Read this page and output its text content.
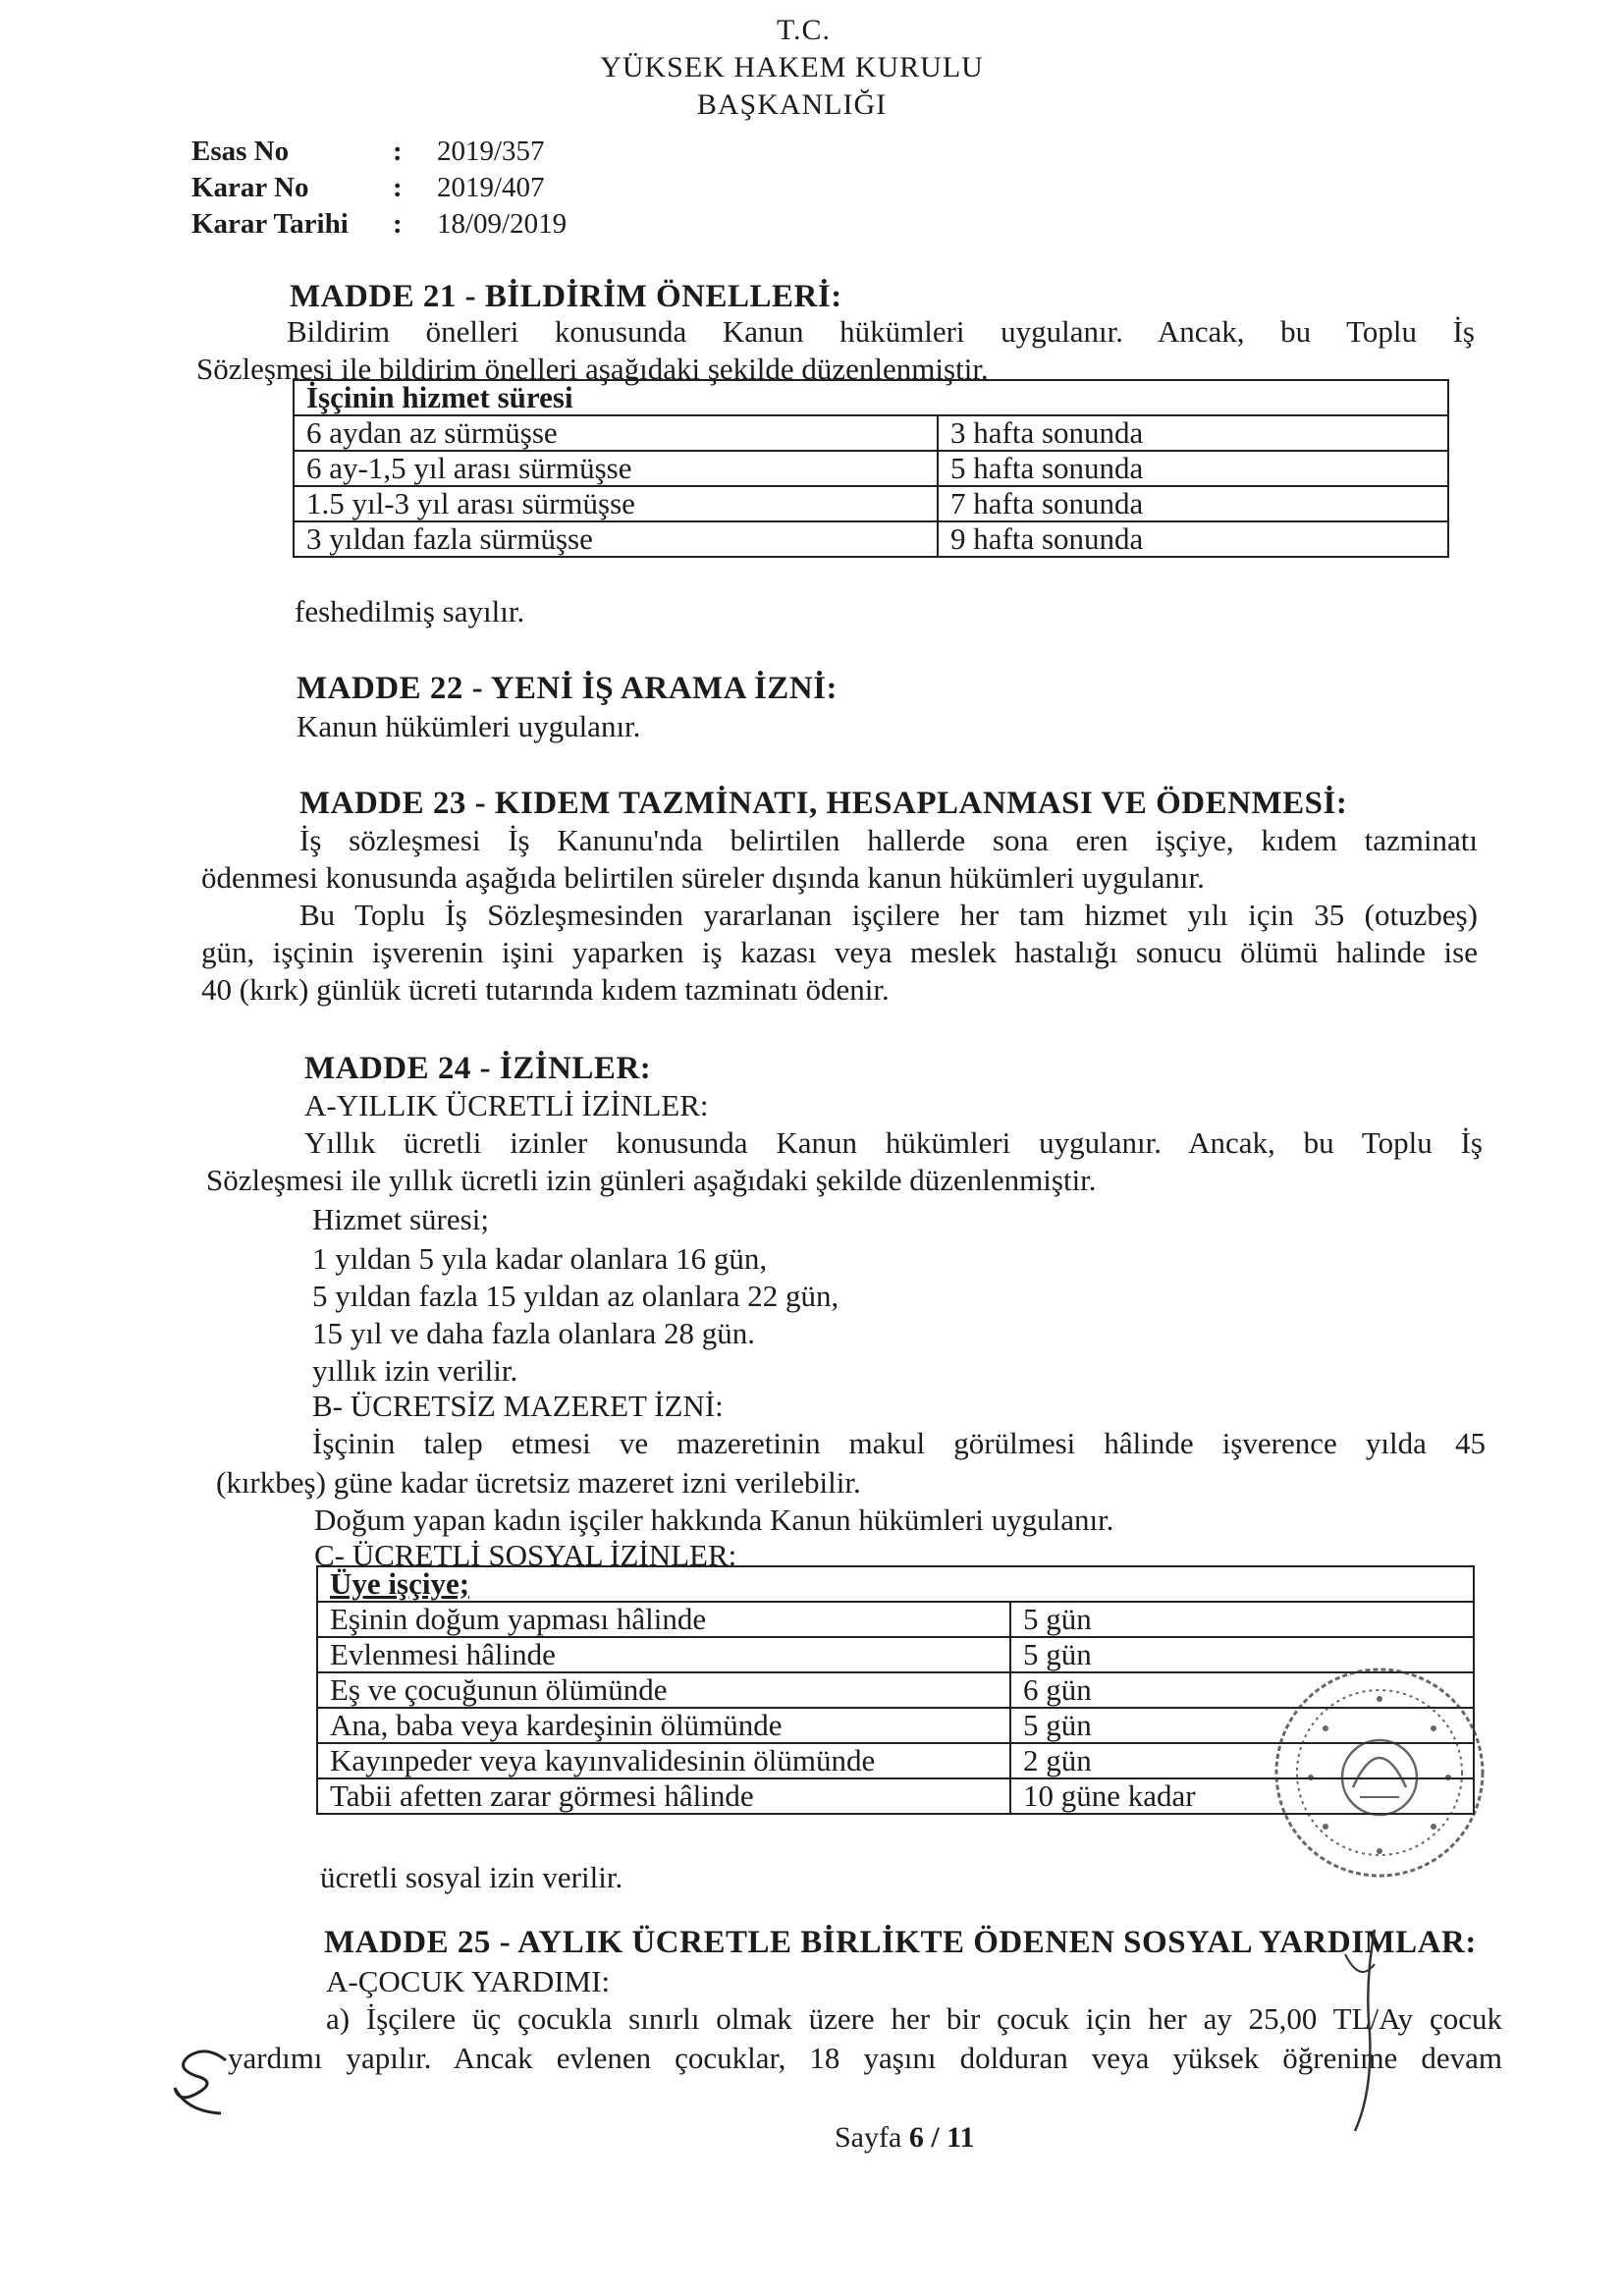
T.C.
YÜKSEK HAKEM KURULU
BAŞKANLIĞI
Esas No	: 2019/357
Karar No	: 2019/407
Karar Tarihi : 18/09/2019
MADDE 21 - BİLDİRİM ÖNELLERİ:
Bildirim önelleri konusunda Kanun hükümleri uygulanır. Ancak, bu Toplu İş
Sözleşmesi ile bildirim önelleri aşağıdaki şekilde düzenlenmiştir.
İşçinin hizmet süresi	
6 aydan az sürmüşse	3 hafta sonunda
6 ay-1,5 yıl arası sürmüşse	5 hafta sonunda
1.5 yıl-3 yıl arası sürmüşse	7 hafta sonunda
3 yıldan fazla sürmüşse	9 hafta sonunda
feshedilmiş sayılır.
MADDE 22 - YENİ İŞ ARAMA İZNİ:
Kanun hükümleri uygulanır.
MADDE 23 - KIDEM TAZMİNATI, HESAPLANMASI VE ÖDENMESİ:
İş sözleşmesi İş Kanunu'nda belirtilen hallerde sona eren işçiye, kıdem tazminatı
ödenmesi konusunda aşağıda belirtilen süreler dışında kanun hükümleri uygulanır.
Bu Toplu İş Sözleşmesinden yararlanan işçilere her tam hizmet yılı için 35 (otuzbeş)
gün, işçinin işverenin işini yaparken iş kazası veya meslek hastalığı sonucu ölümü halinde ise
40 (kırk) günlük ücreti tutarında kıdem tazminatı ödenir.
MADDE 24 - İZİNLER:
A-YILLIK ÜCRETLİ İZİNLER:
Yıllık ücretli izinler konusunda Kanun hükümleri uygulanır. Ancak, bu Toplu İş
Sözleşmesi ile yıllık ücretli izin günleri aşağıdaki şekilde düzenlenmiştir.
Hizmet süresi;
1 yıldan 5 yıla kadar olanlara 16 gün,
5 yıldan fazla 15 yıldan az olanlara 22 gün,
15 yıl ve daha fazla olanlara 28 gün.
yıllık izin verilir.
B- ÜCRETSİZ MAZERET İZNİ:
İşçinin talep etmesi ve mazeretinin makul görülmesi hâlinde işverence yılda 45
(kırkbeş) güne kadar ücretsiz mazeret izni verilebilir.
Doğum yapan kadın işçiler hakkında Kanun hükümleri uygulanır.
C- ÜCRETLİ SOSYAL İZİNLER:
Üye işçiye;	
Eşinin doğum yapması hâlinde	5 gün
Evlenmesi hâlinde	5 gün
Eş ve çocuğunun ölümünde	6 gün
Ana, baba veya kardeşinin ölümünde	5 gün
Kayınpeder veya kayınvalidesinin ölümünde	2 gün
Tabii afetten zarar görmesi hâlinde	10 güne kadar
ücretli sosyal izin verilir.
MADDE 25 - AYLIK ÜCRETLE BİRLİKTE ÖDENEN SOSYAL YARDIMLAR:
A-ÇOCUK YARDIMI:
a) İşçilere üç çocukla sınırlı olmak üzere her bir çocuk için her ay 25,00 TL/Ay çocuk
yardımı yapılır. Ancak evlenen çocuklar, 18 yaşını dolduran veya yüksek öğrenime devam
Sayfa 6 / 11
